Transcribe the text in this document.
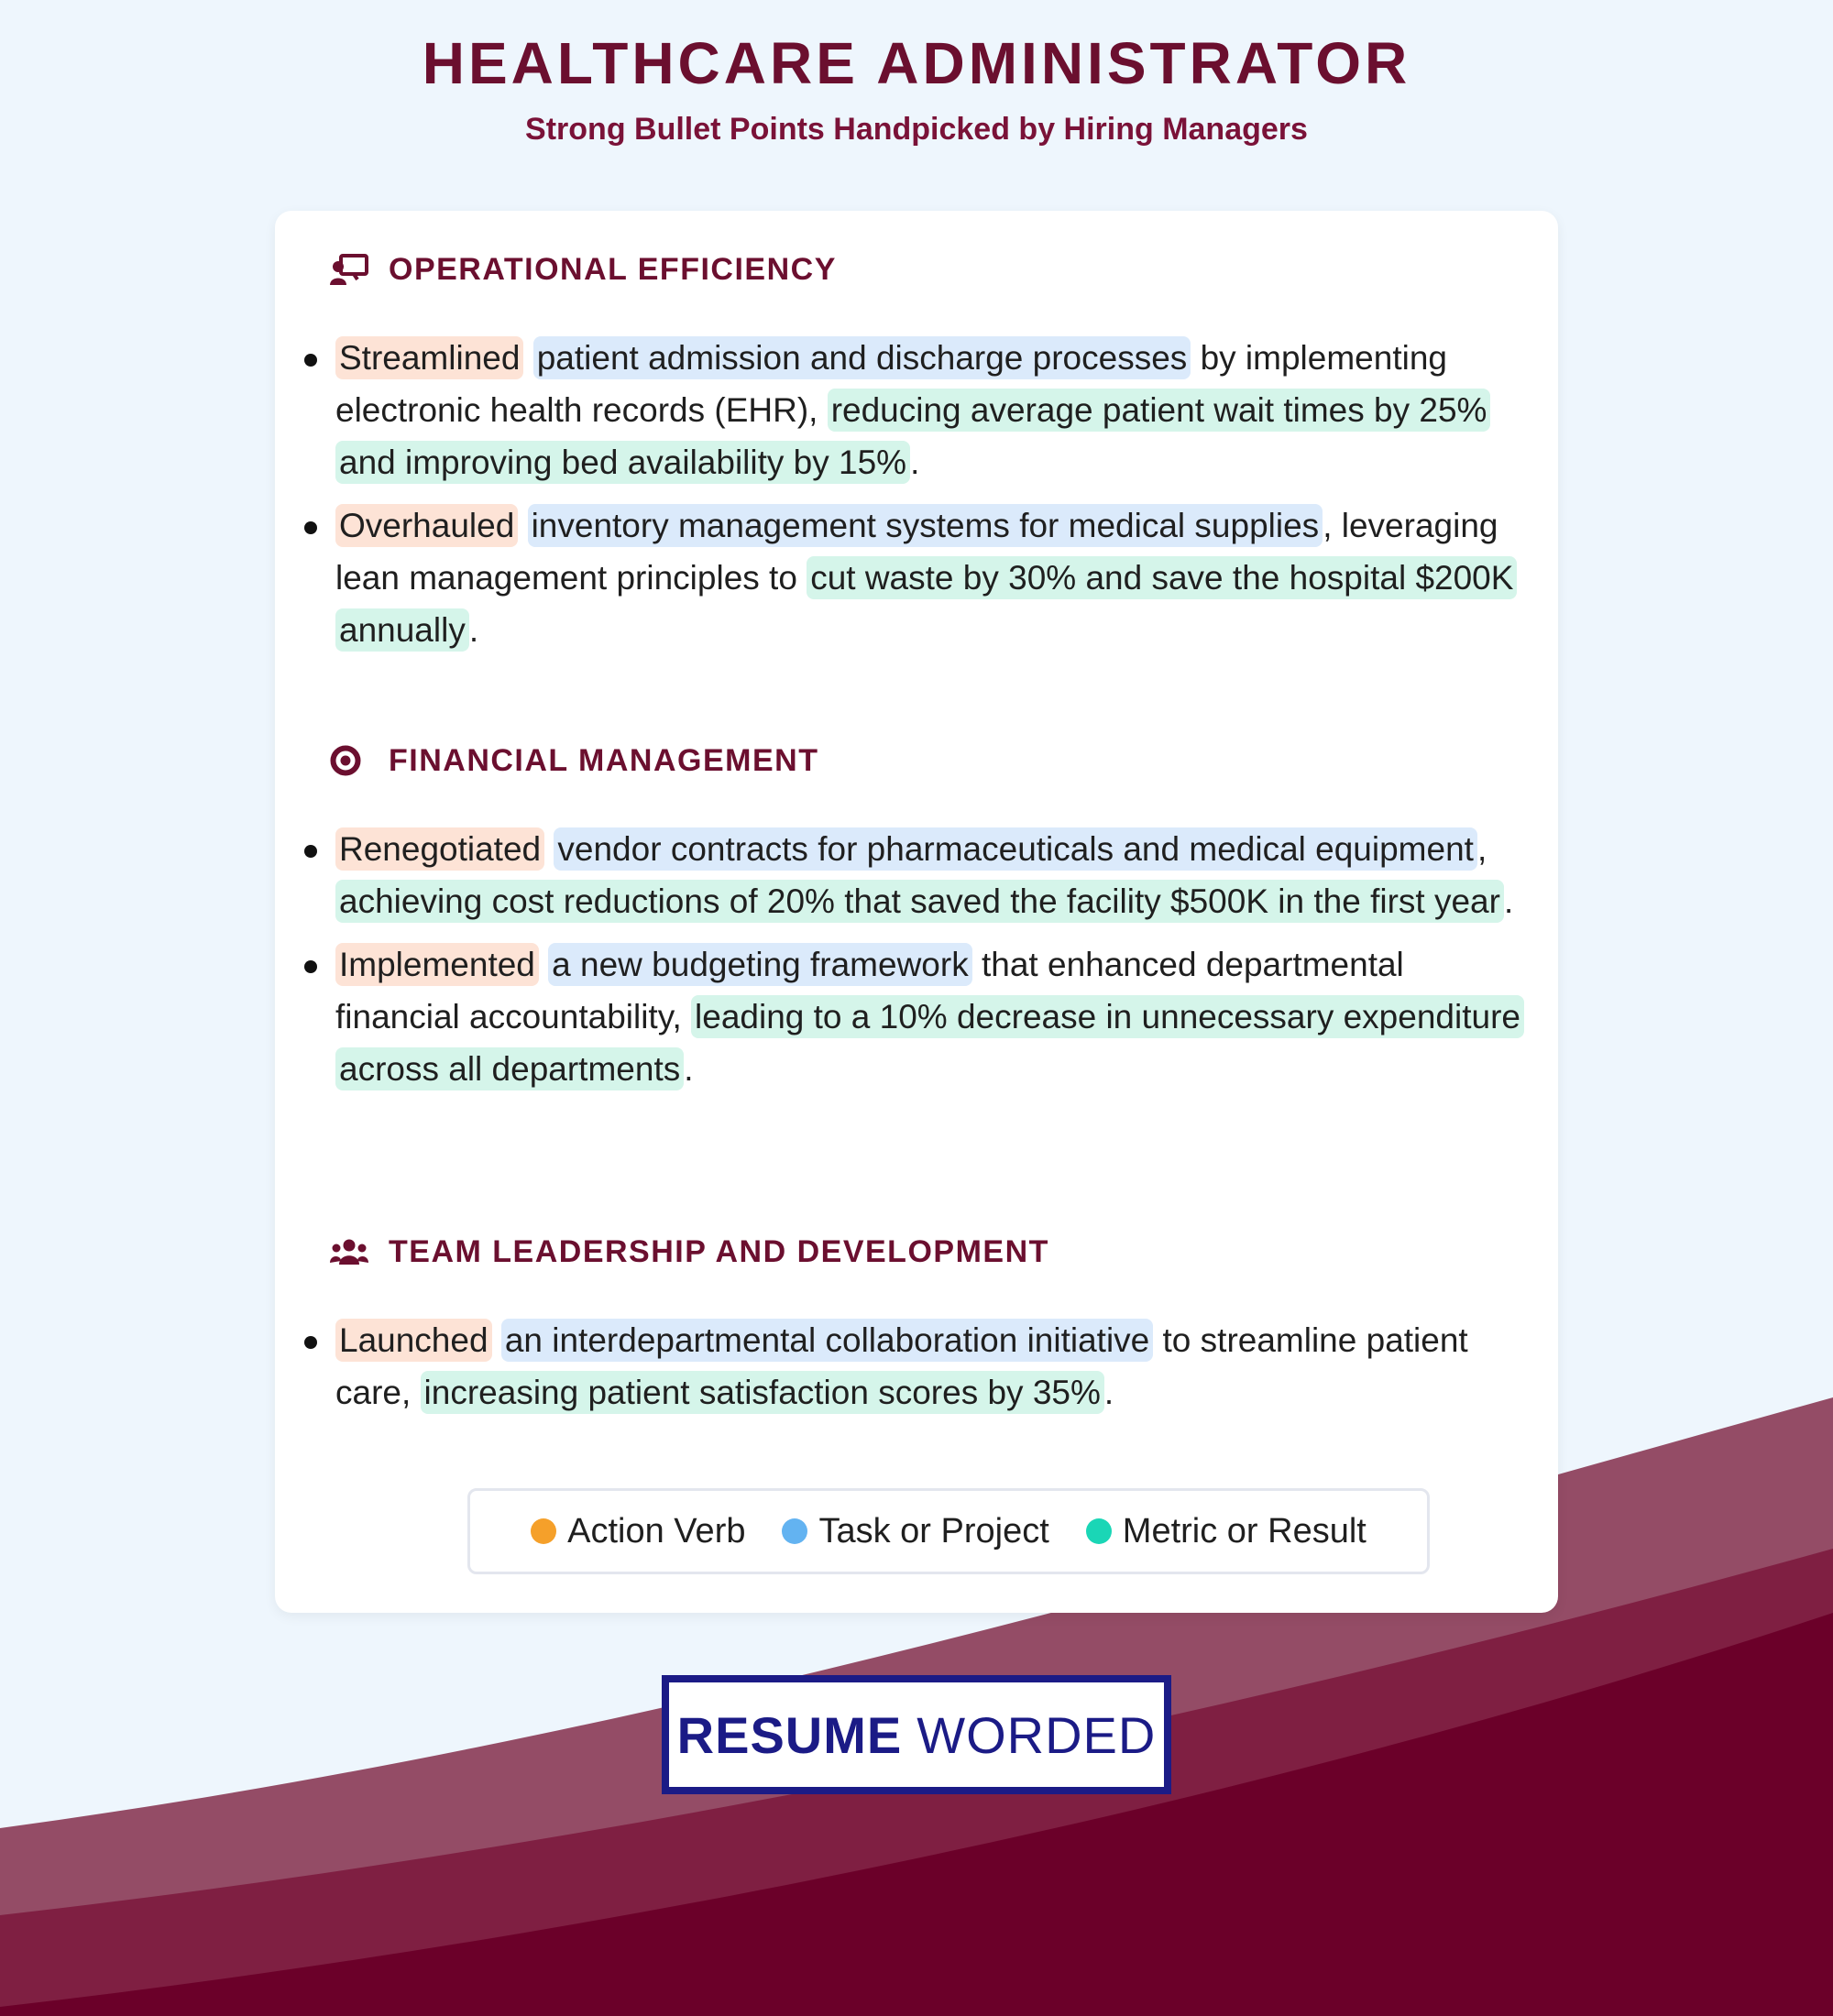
HEALTHCARE ADMINISTRATOR
Strong Bullet Points Handpicked by Hiring Managers
OPERATIONAL EFFICIENCY
Streamlined patient admission and discharge processes by implementing electronic health records (EHR), reducing average patient wait times by 25% and improving bed availability by 15% .
Overhauled inventory management systems for medical supplies , leveraging lean management principles to cut waste by 30% and save the hospital $200K annually .
FINANCIAL MANAGEMENT
Renegotiated vendor contracts for pharmaceuticals and medical equipment , achieving cost reductions of 20% that saved the facility $500K in the first year .
Implemented a new budgeting framework that enhanced departmental financial accountability, leading to a 10% decrease in unnecessary expenditure across all departments .
TEAM LEADERSHIP AND DEVELOPMENT
Launched an interdepartmental collaboration initiative to streamline patient care, increasing patient satisfaction scores by 35% .
Action Verb Task or Project Metric or Result
RESUME WORDED
